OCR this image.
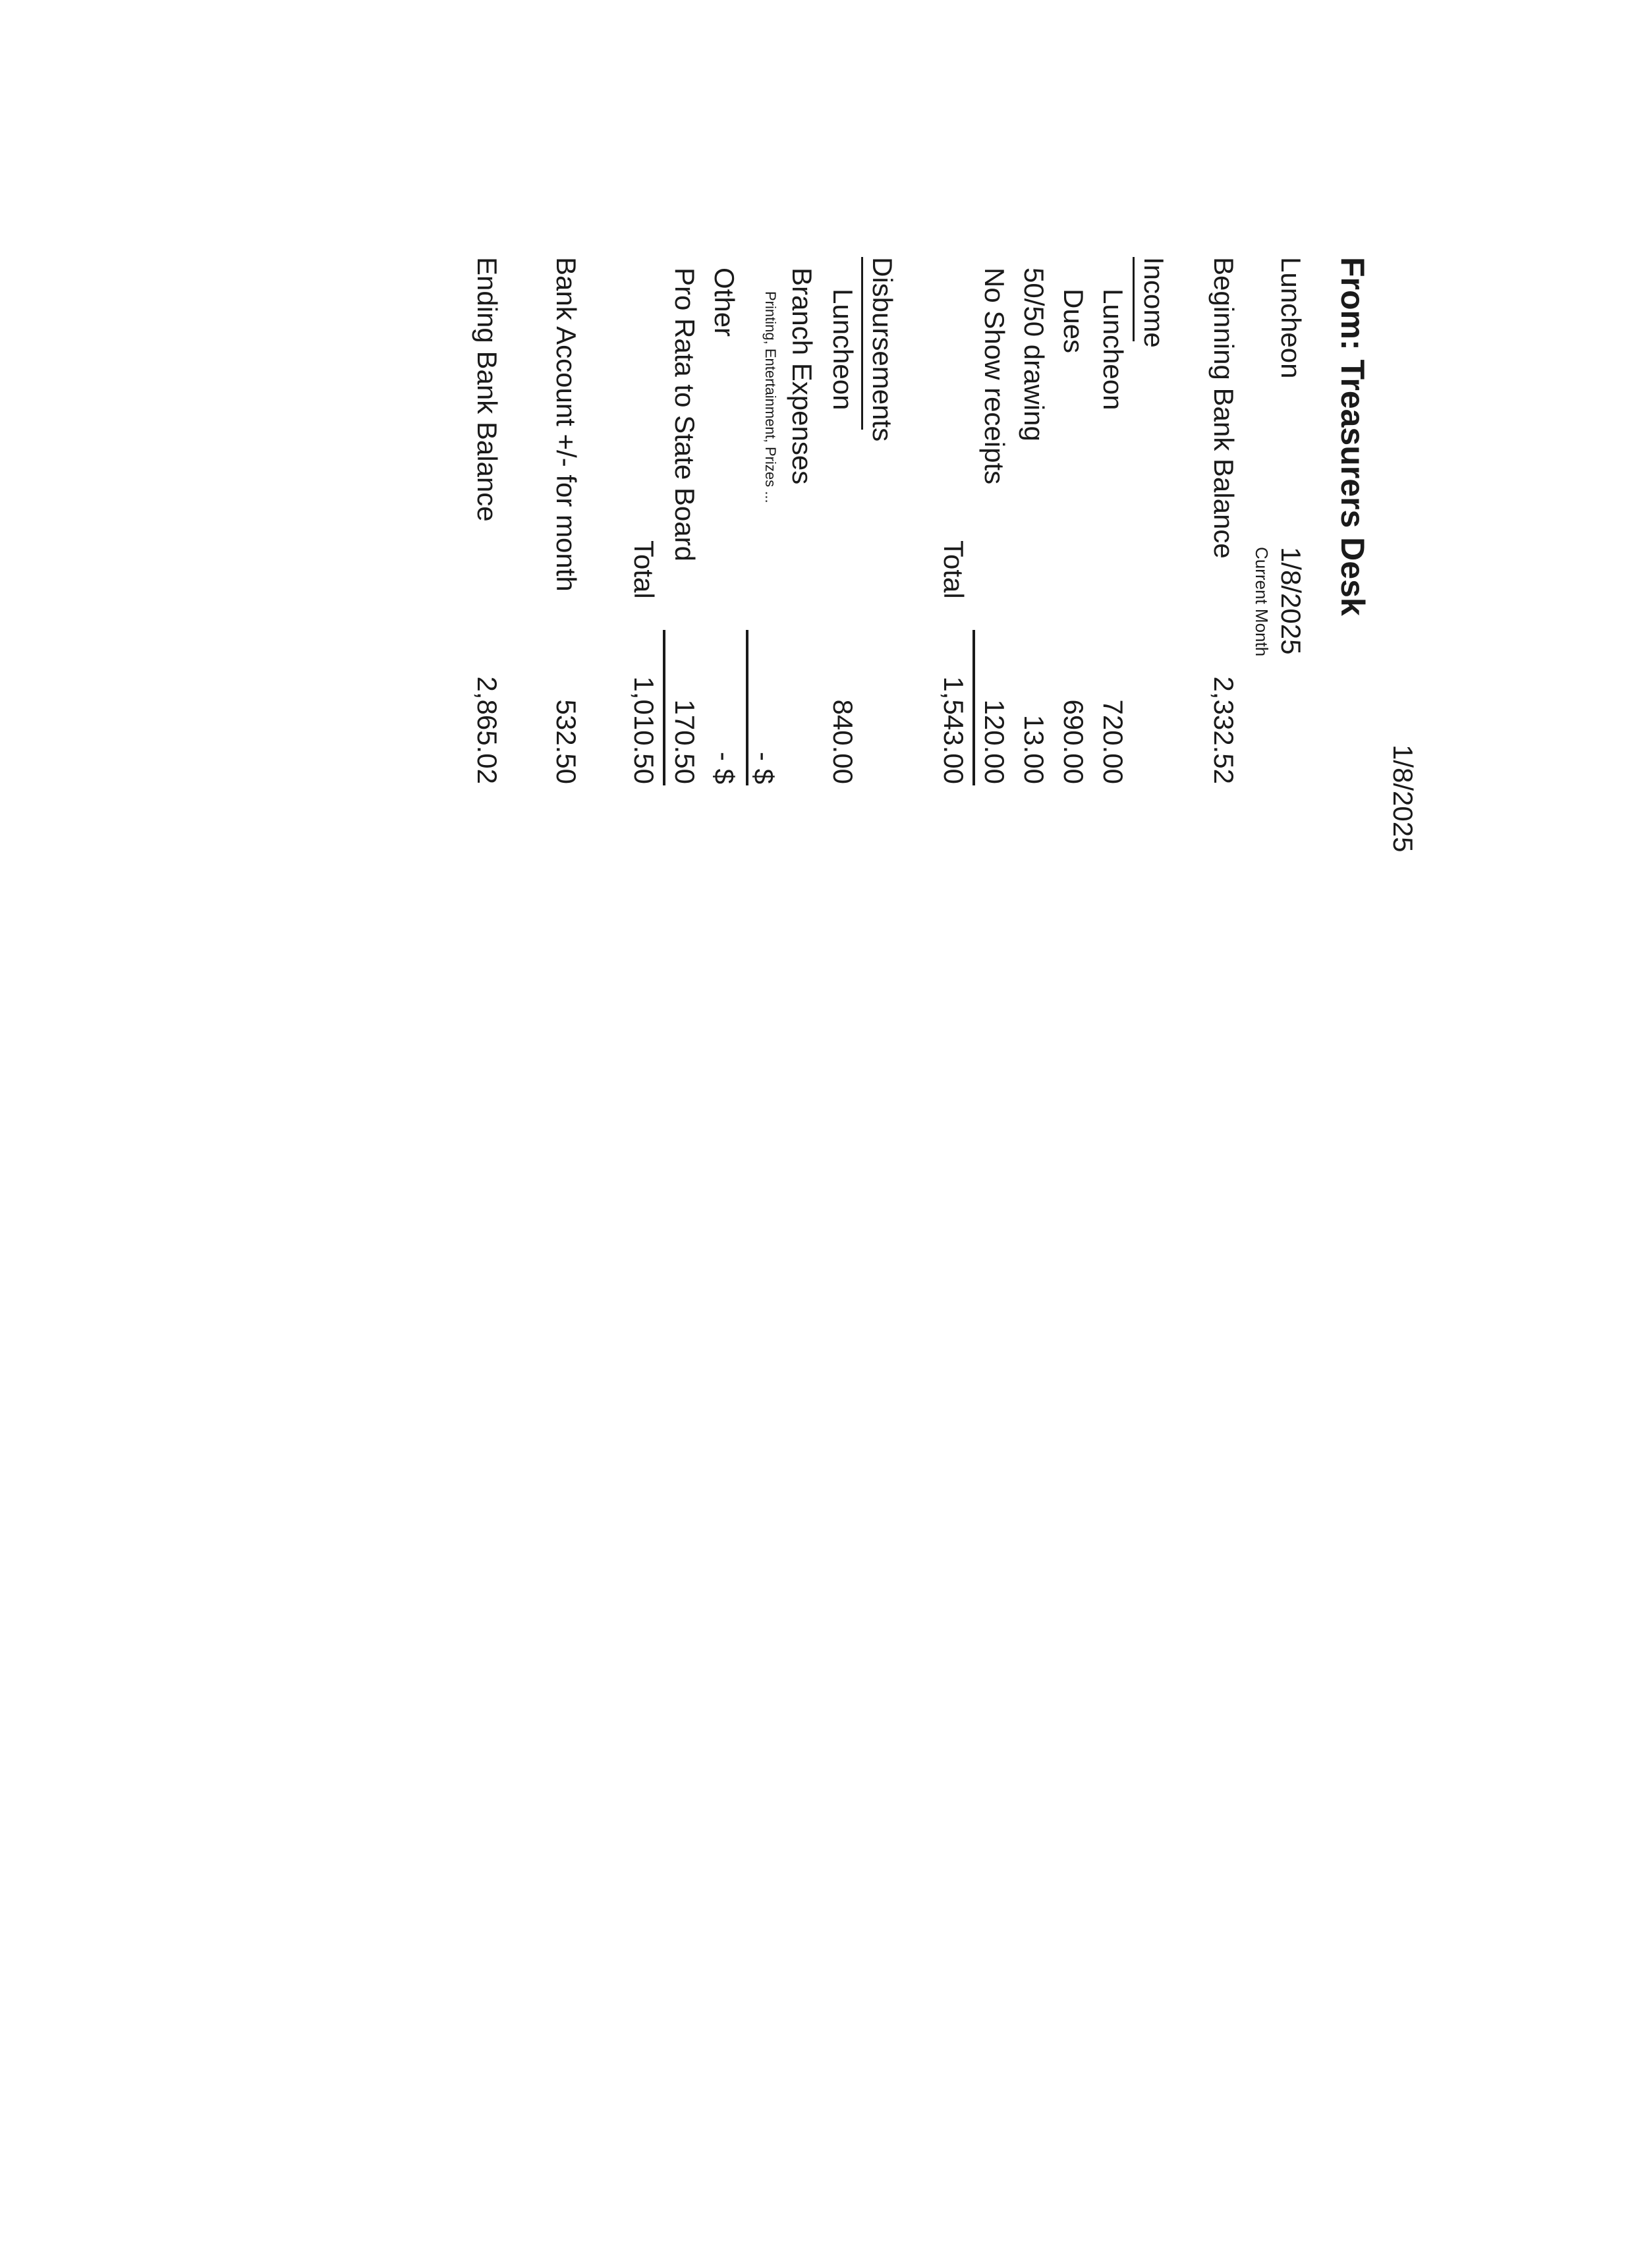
1/8/2025
From: Treasurers Desk
Luncheon
1/8/2025
Current Month
Beginning Bank Balance
2,332.52
Income
Luncheon
720.00
Dues
690.00
50/50 drawing
13.00
No Show receipts
120.00
Total
1,543.00
Disbursements
Luncheon
840.00
Branch Expenses
Printing, Entertainment, Prizes ...
- $
Other
- $
Pro Rata to State Board
170.50
Total
1,010.50
Bank Account +/- for month
532.50
Ending Bank Balance
2,865.02
